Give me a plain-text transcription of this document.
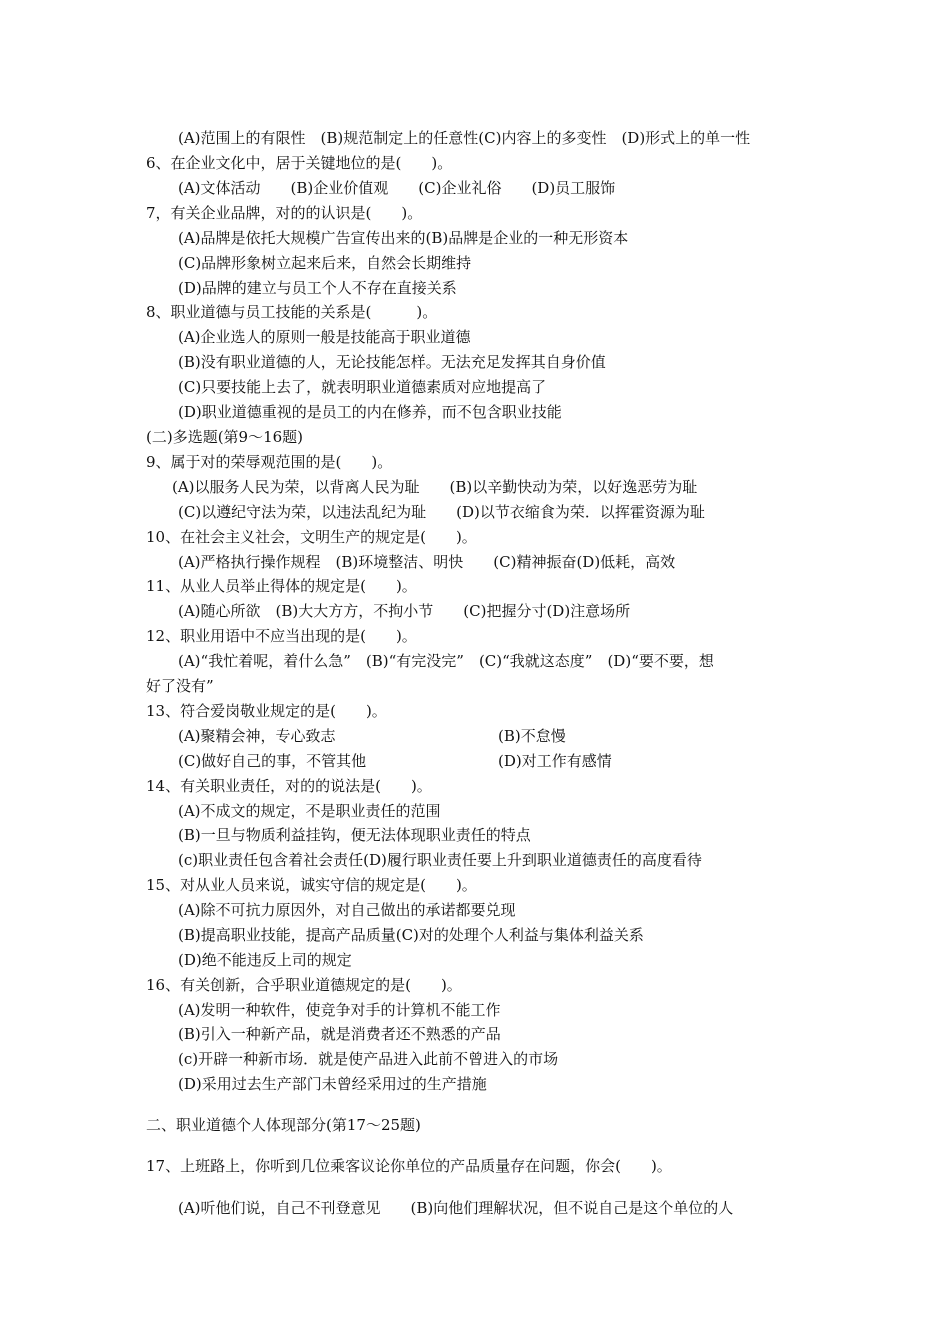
(A)范围上的有限性　(B)规范制定上的任意性(C)内容上的多变性　(D)形式上的单一性
6、在企业文化中，居于关键地位的是(　　)。
(A)文体活动　　(B)企业价值观　　(C)企业礼俗　　(D)员工服饰
7，有关企业品牌，对的的认识是(　　)。
(A)品牌是依托大规模广告宣传出来的(B)品牌是企业的一种无形资本
(C)品牌形象树立起来后来，自然会长期维持
(D)品牌的建立与员工个人不存在直接关系
8、职业道德与员工技能的关系是(　　　)。
(A)企业选人的原则一般是技能高于职业道德
(B)没有职业道德的人，无论技能怎样。无法充足发挥其自身价值
(C)只要技能上去了，就表明职业道德素质对应地提高了
(D)职业道德重视的是员工的内在修养，而不包含职业技能
(二)多选题(第9～16题)
9、属于对的荣辱观范围的是(　　)。
(A)以服务人民为荣，以背离人民为耻　　(B)以辛勤快动为荣，以好逸恶劳为耻
(C)以遵纪守法为荣，以违法乱纪为耻　　(D)以节衣缩食为荣．以挥霍资源为耻
10、在社会主义社会，文明生产的规定是(　　)。
(A)严格执行操作规程　(B)环境整洁、明快　　(C)精神振奋(D)低耗，高效
11、从业人员举止得体的规定是(　　)。
(A)随心所欲　(B)大大方方，不拘小节　　(C)把握分寸(D)注意场所
12、职业用语中不应当出现的是(　　)。
(A)“我忙着呢，着什么急”　(B)“有完没完”　(C)“我就这态度”　(D)“要不要，想
好了没有”
13、符合爱岗敬业规定的是(　　)。
(A)聚精会神，专心致志	(B)不怠慢
(C)做好自己的事，不管其他	(D)对工作有感情
14、有关职业责任，对的的说法是(　　)。
(A)不成文的规定，不是职业责任的范围
(B)一旦与物质利益挂钩，便无法体现职业责任的特点
(c)职业责任包含着社会责任(D)履行职业责任要上升到职业道德责任的高度看待
15、对从业人员来说，诚实守信的规定是(　　)。
(A)除不可抗力原因外，对自己做出的承诺都要兑现
(B)提高职业技能，提高产品质量(C)对的处理个人利益与集体利益关系
(D)绝不能违反上司的规定
16、有关创新，合乎职业道德规定的是(　　)。
(A)发明一种软件，使竞争对手的计算机不能工作
(B)引入一种新产品，就是消费者还不熟悉的产品
(c)开辟一种新市场．就是使产品进入此前不曾进入的市场
(D)采用过去生产部门未曾经采用过的生产措施
二、职业道德个人体现部分(第17～25题)
17、上班路上，你听到几位乘客议论你单位的产品质量存在问题，你会(　　)。
(A)听他们说，自己不刊登意见　　(B)向他们理解状况，但不说自己是这个单位的人
